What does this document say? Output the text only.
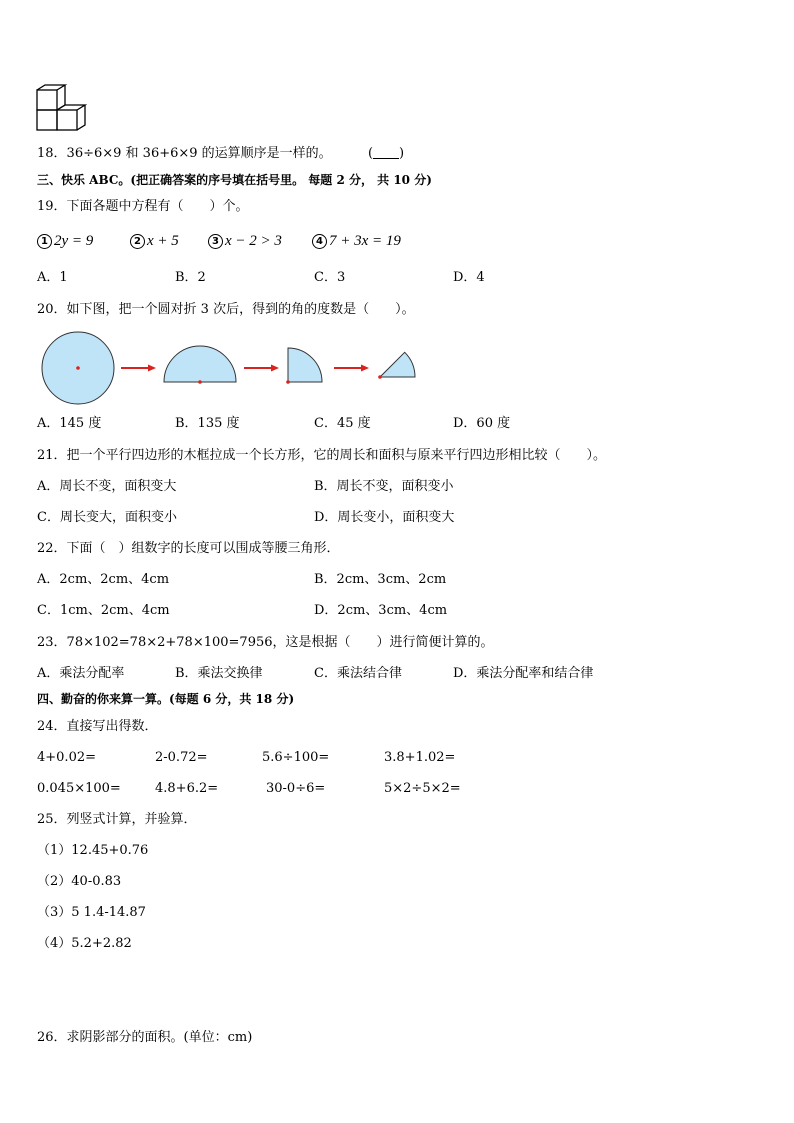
18．36÷6×9 和 36+6×9 的运算顺序是一样的。	( )
三、快乐 ABC。(把正确答案的序号填在括号里。 每题 2 分， 共 10 分)
19．下面各题中方程有（　　）个。
1 2y = 9	2 x + 5	3 x − 2 > 3	4 7 + 3x = 19
A．1	B．2	C．3	D．4
20．如下图，把一个圆对折 3 次后，得到的角的度数是（　　）。
A．145 度	B．135 度	C．45 度	D．60 度
21．把一个平行四边形的木框拉成一个长方形，它的周长和面积与原来平行四边形相比较（　　）。
A．周长不变，面积变大	B．周长不变，面积变小
C．周长变大，面积变小	D．周长变小，面积变大
22．下面（　）组数字的长度可以围成等腰三角形．
A．2cm、2cm、4cm	B．2cm、3cm、2cm
C．1cm、2cm、4cm	D．2cm、3cm、4cm
23．78×102=78×2+78×100=7956，这是根据（　　）进行简便计算的。
A．乘法分配率	B．乘法交换律	C．乘法结合律	D．乘法分配率和结合律
四、勤奋的你来算一算。(每题 6 分，共 18 分)
24．直接写出得数．
4+0.02=	2-0.72=	5.6÷100=	3.8+1.02=
0.045×100=	4.8+6.2=	30-0÷6=	5×2÷5×2=
25．列竖式计算，并验算．
（1）12.45+0.76
（2）40-0.83
（3）5 1.4-14.87
（4）5.2+2.82
26．求阴影部分的面积。(单位：cm)
